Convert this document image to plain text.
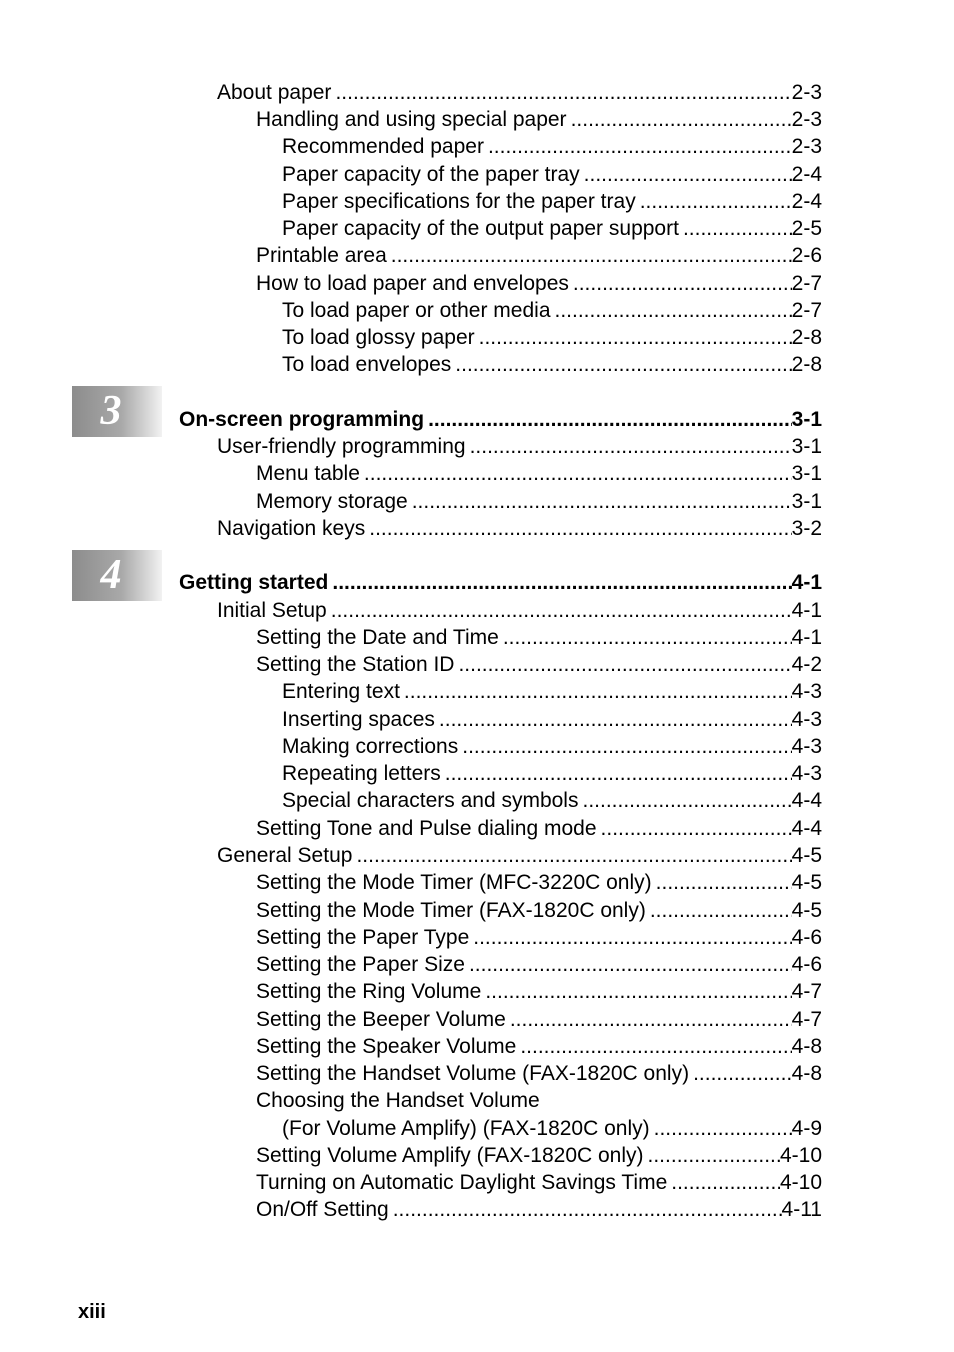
About paper .....	2-3
Handling and using special paper .....	2-3
Recommended paper .....	2-3
Paper capacity of the paper tray .....	2-4
Paper specifications for the paper tray .....	2-4
Paper capacity of the output paper support .....	2-5
Printable area .....	2-6
How to load paper and envelopes .....	2-7
To load paper or other media .....	2-7
To load glossy paper .....	2-8
To load envelopes .....	2-8
3	On-screen programming .....	3-1
User-friendly programming .....	3-1
Menu table .....	3-1
Memory storage .....	3-1
Navigation keys .....	3-2
4	Getting started .....	4-1
Initial Setup .....	4-1
Setting the Date and Time .....	4-1
Setting the Station ID .....	4-2
Entering text .....	4-3
Inserting spaces .....	4-3
Making corrections .....	4-3
Repeating letters .....	4-3
Special characters and symbols .....	4-4
Setting Tone and Pulse dialing mode .....	4-4
General Setup .....	4-5
Setting the Mode Timer (MFC-3220C only) .....	4-5
Setting the Mode Timer (FAX-1820C only) .....	4-5
Setting the Paper Type .....	4-6
Setting the Paper Size .....	4-6
Setting the Ring Volume .....	4-7
Setting the Beeper Volume .....	4-7
Setting the Speaker Volume .....	4-8
Setting the Handset Volume (FAX-1820C only) .....	4-8
Choosing the Handset Volume
(For Volume Amplify) (FAX-1820C only) .....	4-9
Setting Volume Amplify (FAX-1820C only) .....	4-10
Turning on Automatic Daylight Savings Time .....	4-10
On/Off Setting .....	4-11
xiii
